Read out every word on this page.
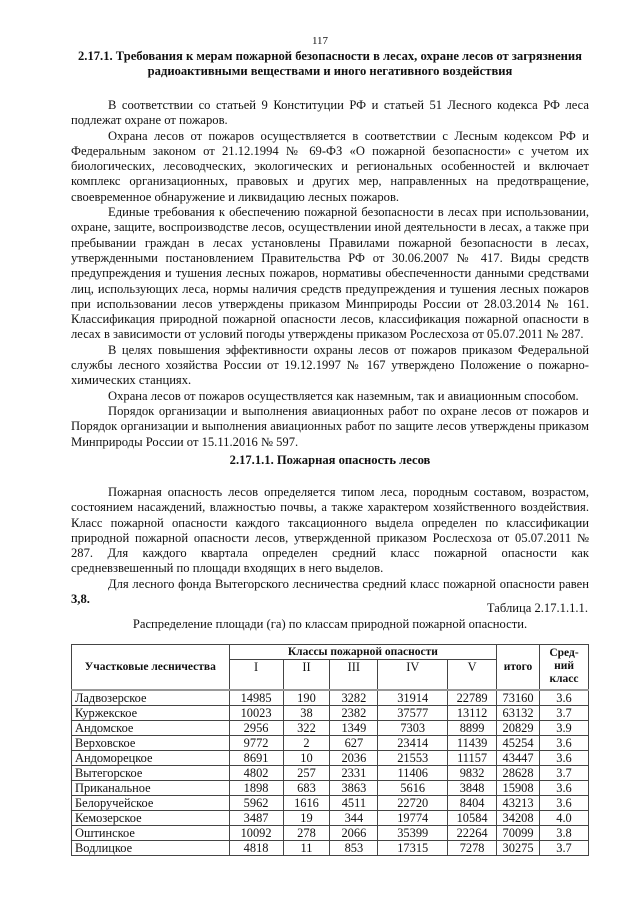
117
2.17.1. Требования к мерам пожарной безопасности в лесах, охране лесов от загрязнения радиоактивными веществами и иного негативного воздействия

В соответствии со статьей 9 Конституции РФ и статьей 51 Лесного кодекса РФ леса подлежат охране от пожаров.

Охрана лесов от пожаров осуществляется в соответствии с Лесным кодексом РФ и Федеральным законом от 21.12.1994 № 69-ФЗ «О пожарной безопасности» с учетом их биологических, лесоводческих, экологических и региональных особенностей и включает комплекс организационных, правовых и других мер, направленных на предотвращение, своевременное обнаружение и ликвидацию лесных пожаров.

Единые требования к обеспечению пожарной безопасности в лесах при использовании, охране, защите, воспроизводстве лесов, осуществлении иной деятельности в лесах, а также при пребывании граждан в лесах установлены Правилами пожарной безопасности в лесах, утвержденными постановлением Правительства РФ от 30.06.2007 № 417. Виды средств предупреждения и тушения лесных пожаров, нормативы обеспеченности данными средствами лиц, использующих леса, нормы наличия средств предупреждения и тушения лесных пожаров при использовании лесов утверждены приказом Минприроды России от 28.03.2014 № 161. Классификация природной пожарной опасности лесов, классификация пожарной опасности в лесах в зависимости от условий погоды утверждены приказом Рослесхоза от 05.07.2011 № 287.

В целях повышения эффективности охраны лесов от пожаров приказом Федеральной службы лесного хозяйства России от 19.12.1997 № 167 утверждено Положение о пожарно-химических станциях.

Охрана лесов от пожаров осуществляется как наземным, так и авиационным способом.

Порядок организации и выполнения авиационных работ по охране лесов от пожаров и Порядок организации и выполнения авиационных работ по защите лесов утверждены приказом Минприроды России от 15.11.2016 № 597.

2.17.1.1. Пожарная опасность лесов

Пожарная опасность лесов определяется типом леса, породным составом, возрастом, состоянием насаждений, влажностью почвы, а также характером хозяйственного воздействия. Класс пожарной опасности каждого таксационного выдела определен по классификации природной пожарной опасности лесов, утвержденной приказом Рослесхоза от 05.07.2011 № 287. Для каждого квартала определен средний класс пожарной опасности как средневзвешенный по площади входящих в него выделов.

Для лесного фонда Вытегорского лесничества средний класс пожарной опасности равен 3,8.

Таблица 2.17.1.1.1.
Распределение площади (га) по классам природной пожарной опасности.
Участковые лесничества	Классы пожарной опасности					итого	Сред-ний класс
	I	II	III	IV	V		
Ладвозерское	14985	190	3282	31914	22789	73160	3.6
Куржекское	10023	38	2382	37577	13112	63132	3.7
Андомское	2956	322	1349	7303	8899	20829	3.9
Верховское	9772	2	627	23414	11439	45254	3.6
Андоморецкое	8691	10	2036	21553	11157	43447	3.6
Вытегорское	4802	257	2331	11406	9832	28628	3.7
Приканальное	1898	683	3863	5616	3848	15908	3.6
Белоручейское	5962	1616	4511	22720	8404	43213	3.6
Кемозерское	3487	19	344	19774	10584	34208	4.0
Оштинское	10092	278	2066	35399	22264	70099	3.8
Водлицкое	4818	11	853	17315	7278	30275	3.7
